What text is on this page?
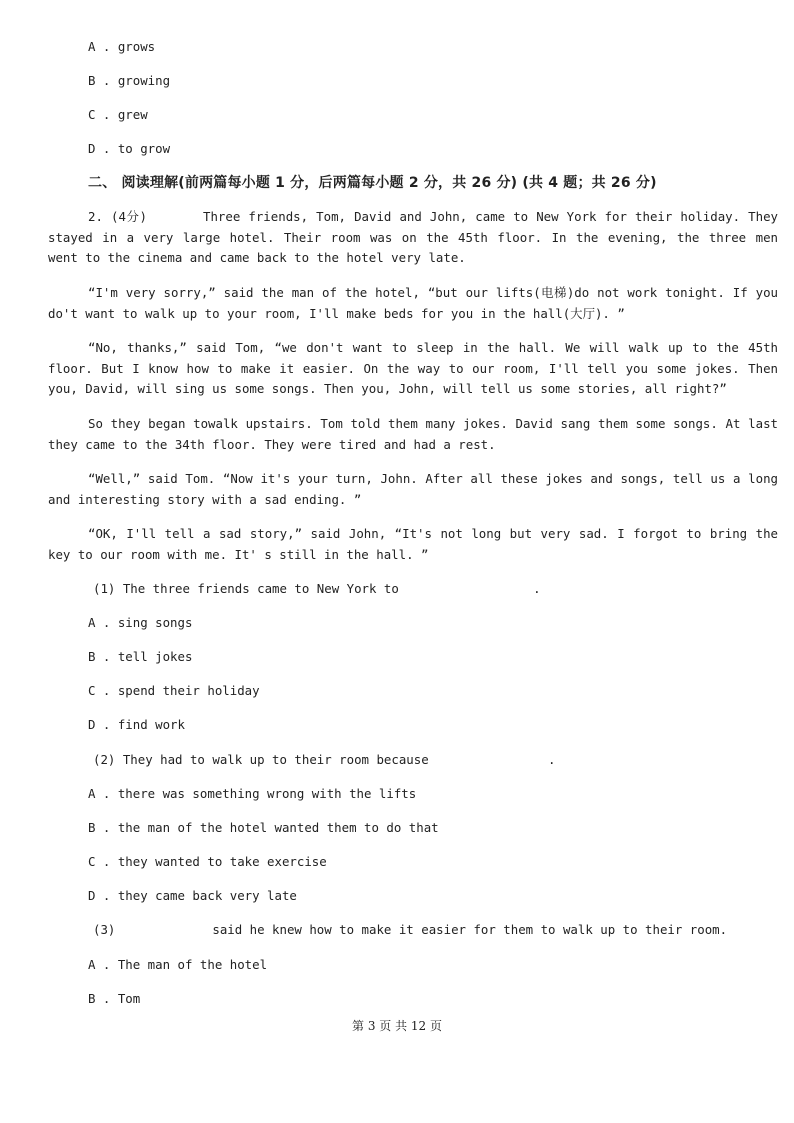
A . grows
B . growing
C . grew
D . to grow
二、 阅读理解(前两篇每小题 1 分，后两篇每小题 2 分，共 26 分) (共 4 题；共 26 分)
2. (4分)	Three friends, Tom, David and John, came to New York for their holiday. They stayed in a very large hotel. Their room was on the 45th floor. In the evening, the three men went to the cinema and came back to the hotel very late.
“I'm very sorry,” said the man of the hotel, “but our lifts(电梯)do not work tonight. If you do't want to walk up to your room, I'll make beds for you in the hall(大厅). ”
“No, thanks,” said Tom, “we don't want to sleep in the hall. We will walk up to the 45th floor. But I know how to make it easier. On the way to our room, I'll tell you some jokes. Then you, David, will sing us some songs. Then you, John, will tell us some stories, all right?”
So they began towalk upstairs. Tom told them many jokes. David sang them some songs. At last they came to the 34th floor. They were tired and had a rest.
“Well,” said Tom. “Now it's your turn, John. After all these jokes and songs, tell us a long and interesting story with a sad ending. ”
“OK, I'll tell a sad story,” said John, “It's not long but very sad. I forgot to bring the key to our room with me. It' s still in the hall. ”
(1) The three friends came to New York to                  .
A . sing songs
B . tell jokes
C . spend their holiday
D . find work
(2) They had to walk up to their room because                .
A . there was something wrong with the lifts
B . the man of the hotel wanted them to do that
C . they wanted to take exercise
D . they came back very late
(3)             said he knew how to make it easier for them to walk up to their room.
A . The man of the hotel
B . Tom
第 3 页 共 12 页
